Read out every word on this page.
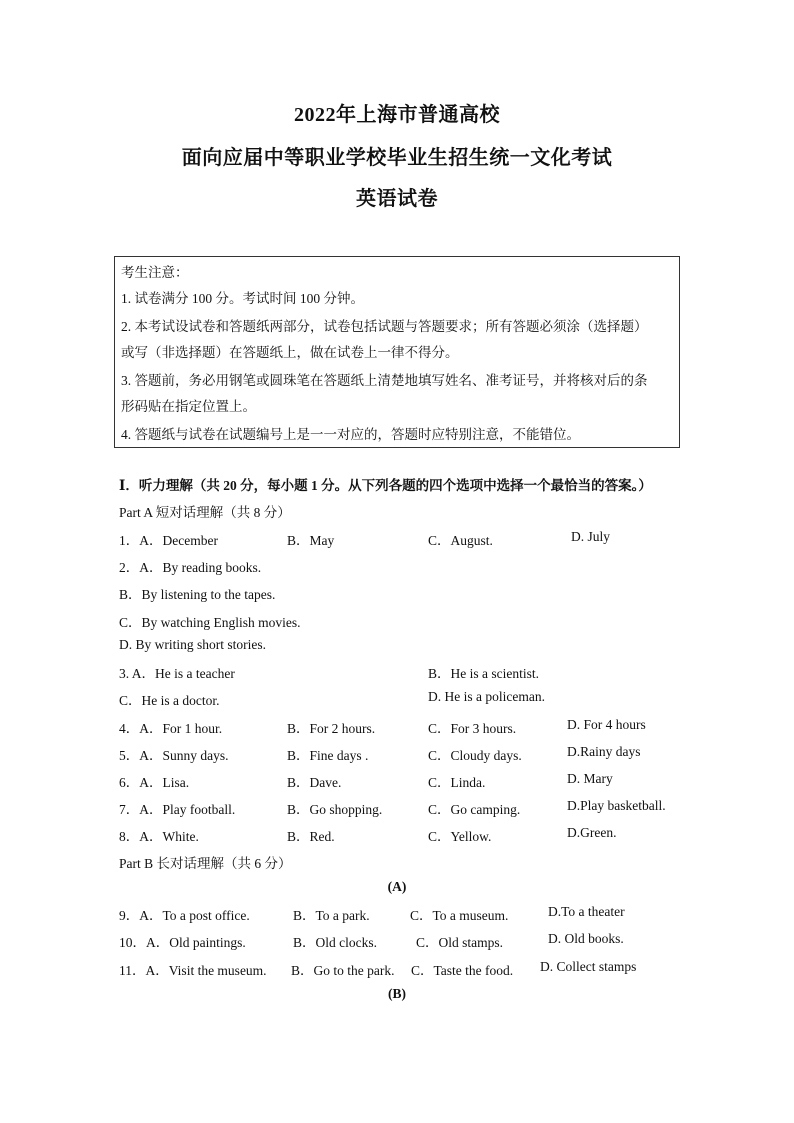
2022年上海市普通高校
面向应届中等职业学校毕业生招生统一文化考试
英语试卷
考生注意：
1. 试卷满分 100 分。考试时间 100 分钟。
2. 本考试设试卷和答题纸两部分，试卷包括试题与答题要求；所有答题必须涂（选择题）
或写（非选择题）在答题纸上，做在试卷上一律不得分。
3. 答题前，务必用钢笔或圆珠笔在答题纸上清楚地填写姓名、准考证号，并将核对后的条
形码贴在指定位置上。
4. 答题纸与试卷在试题编号上是一一对应的，答题时应特别注意，不能错位。
Ⅰ．听力理解（共 20 分，每小题 1 分。从下列各题的四个选项中选择一个最恰当的答案。）
Part A 短对话理解（共 8 分）
1．A．December	B．May	C．August.	D. July
2．A．By reading books.
B．By listening to the tapes.
C．By watching English movies.
D. By writing short stories.
3. A．He is a teacher	B．He is a scientist.
C．He is a doctor.	D. He is a policeman.
4．A．For 1 hour.	B．For 2 hours.	C．For 3 hours.	D. For 4 hours
5．A．Sunny days.	B．Fine days .	C．Cloudy days.	D.Rainy days
6．A．Lisa.	B．Dave.	C．Linda.	D. Mary
7．A．Play football.	B．Go shopping.	C．Go camping.	D.Play basketball.
8．A．White.	B．Red.	C．Yellow.	D.Green.
Part B 长对话理解（共 6 分）
(A)
9．A．To a post office.	B．To a park.	C．To a museum.	D.To a theater
10．A．Old paintings.	B．Old clocks.	C．Old stamps.	D. Old books.
11．A．Visit the museum. B．Go to the park. C．Taste the food. D. Collect stamps
(B)
